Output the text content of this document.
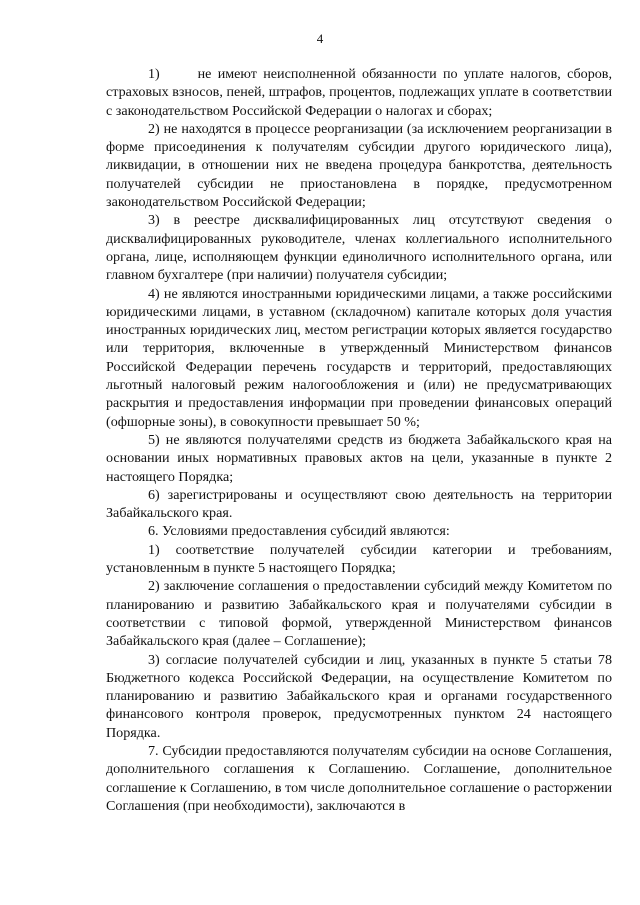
4

1)      не имеют неисполненной обязанности по уплате налогов, сборов, страховых взносов, пеней, штрафов, процентов, подлежащих уплате в соответствии с законодательством Российской Федерации о налогах и сборах;

2) не находятся в процессе реорганизации (за исключением реорганизации в форме присоединения к получателям субсидии другого юридического лица), ликвидации, в отношении них не введена процедура банкротства, деятельность получателей субсидии не приостановлена в порядке, предусмотренном законодательством Российской Федерации;

3) в реестре дисквалифицированных лиц отсутствуют сведения о дисквалифицированных руководителе, членах коллегиального исполнительного органа, лице, исполняющем функции единоличного исполнительного органа, или главном бухгалтере (при наличии) получателя субсидии;

4) не являются иностранными юридическими лицами, а также российскими юридическими лицами, в уставном (складочном) капитале которых доля участия иностранных юридических лиц, местом регистрации которых является государство или территория, включенные в утвержденный Министерством финансов Российской Федерации перечень государств и территорий, предоставляющих льготный налоговый режим налогообложения и (или) не предусматривающих раскрытия и предоставления информации при проведении финансовых операций (офшорные зоны), в совокупности превышает 50 %;

5) не являются получателями средств из бюджета Забайкальского края на основании иных нормативных правовых актов на цели, указанные в пункте 2 настоящего Порядка;

6) зарегистрированы и осуществляют свою деятельность на территории Забайкальского края.

6. Условиями предоставления субсидий являются:

1) соответствие получателей субсидии категории и требованиям, установленным в пункте 5 настоящего Порядка;

2) заключение соглашения о предоставлении субсидий между Комитетом по планированию и развитию Забайкальского края и получателями субсидии в соответствии с типовой формой, утвержденной Министерством финансов Забайкальского края (далее – Соглашение);

3) согласие получателей субсидии и лиц, указанных в пункте 5 статьи 78 Бюджетного кодекса Российской Федерации, на осуществление Комитетом по планированию и развитию Забайкальского края и органами государственного финансового контроля проверок, предусмотренных пунктом 24 настоящего Порядка.

7. Субсидии предоставляются получателям субсидии на основе Соглашения, дополнительного соглашения к Соглашению. Соглашение, дополнительное соглашение к Соглашению, в том числе дополнительное соглашение о расторжении Соглашения (при необходимости), заключаются в
